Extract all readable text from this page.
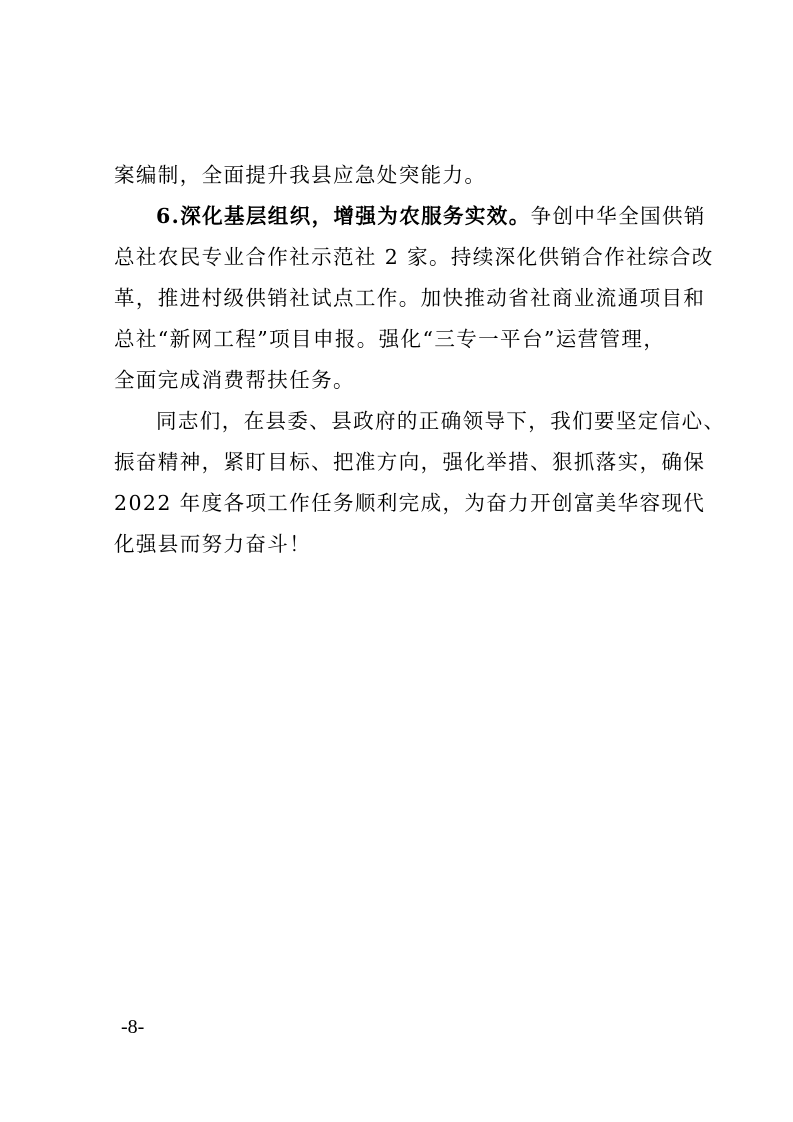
案编制，全面提升我县应急处突能力。
6.深化基层组织，增强为农服务实效。争创中华全国供销
总社农民专业合作社示范社 2 家。持续深化供销合作社综合改
革，推进村级供销社试点工作。加快推动省社商业流通项目和
总社“新网工程”项目申报。强化“三专一平台”运营管理，
全面完成消费帮扶任务。
同志们，在县委、县政府的正确领导下，我们要坚定信心、
振奋精神，紧盯目标、把准方向，强化举措、狠抓落实，确保
2022 年度各项工作任务顺利完成，为奋力开创富美华容现代
化强县而努力奋斗！
-8-
